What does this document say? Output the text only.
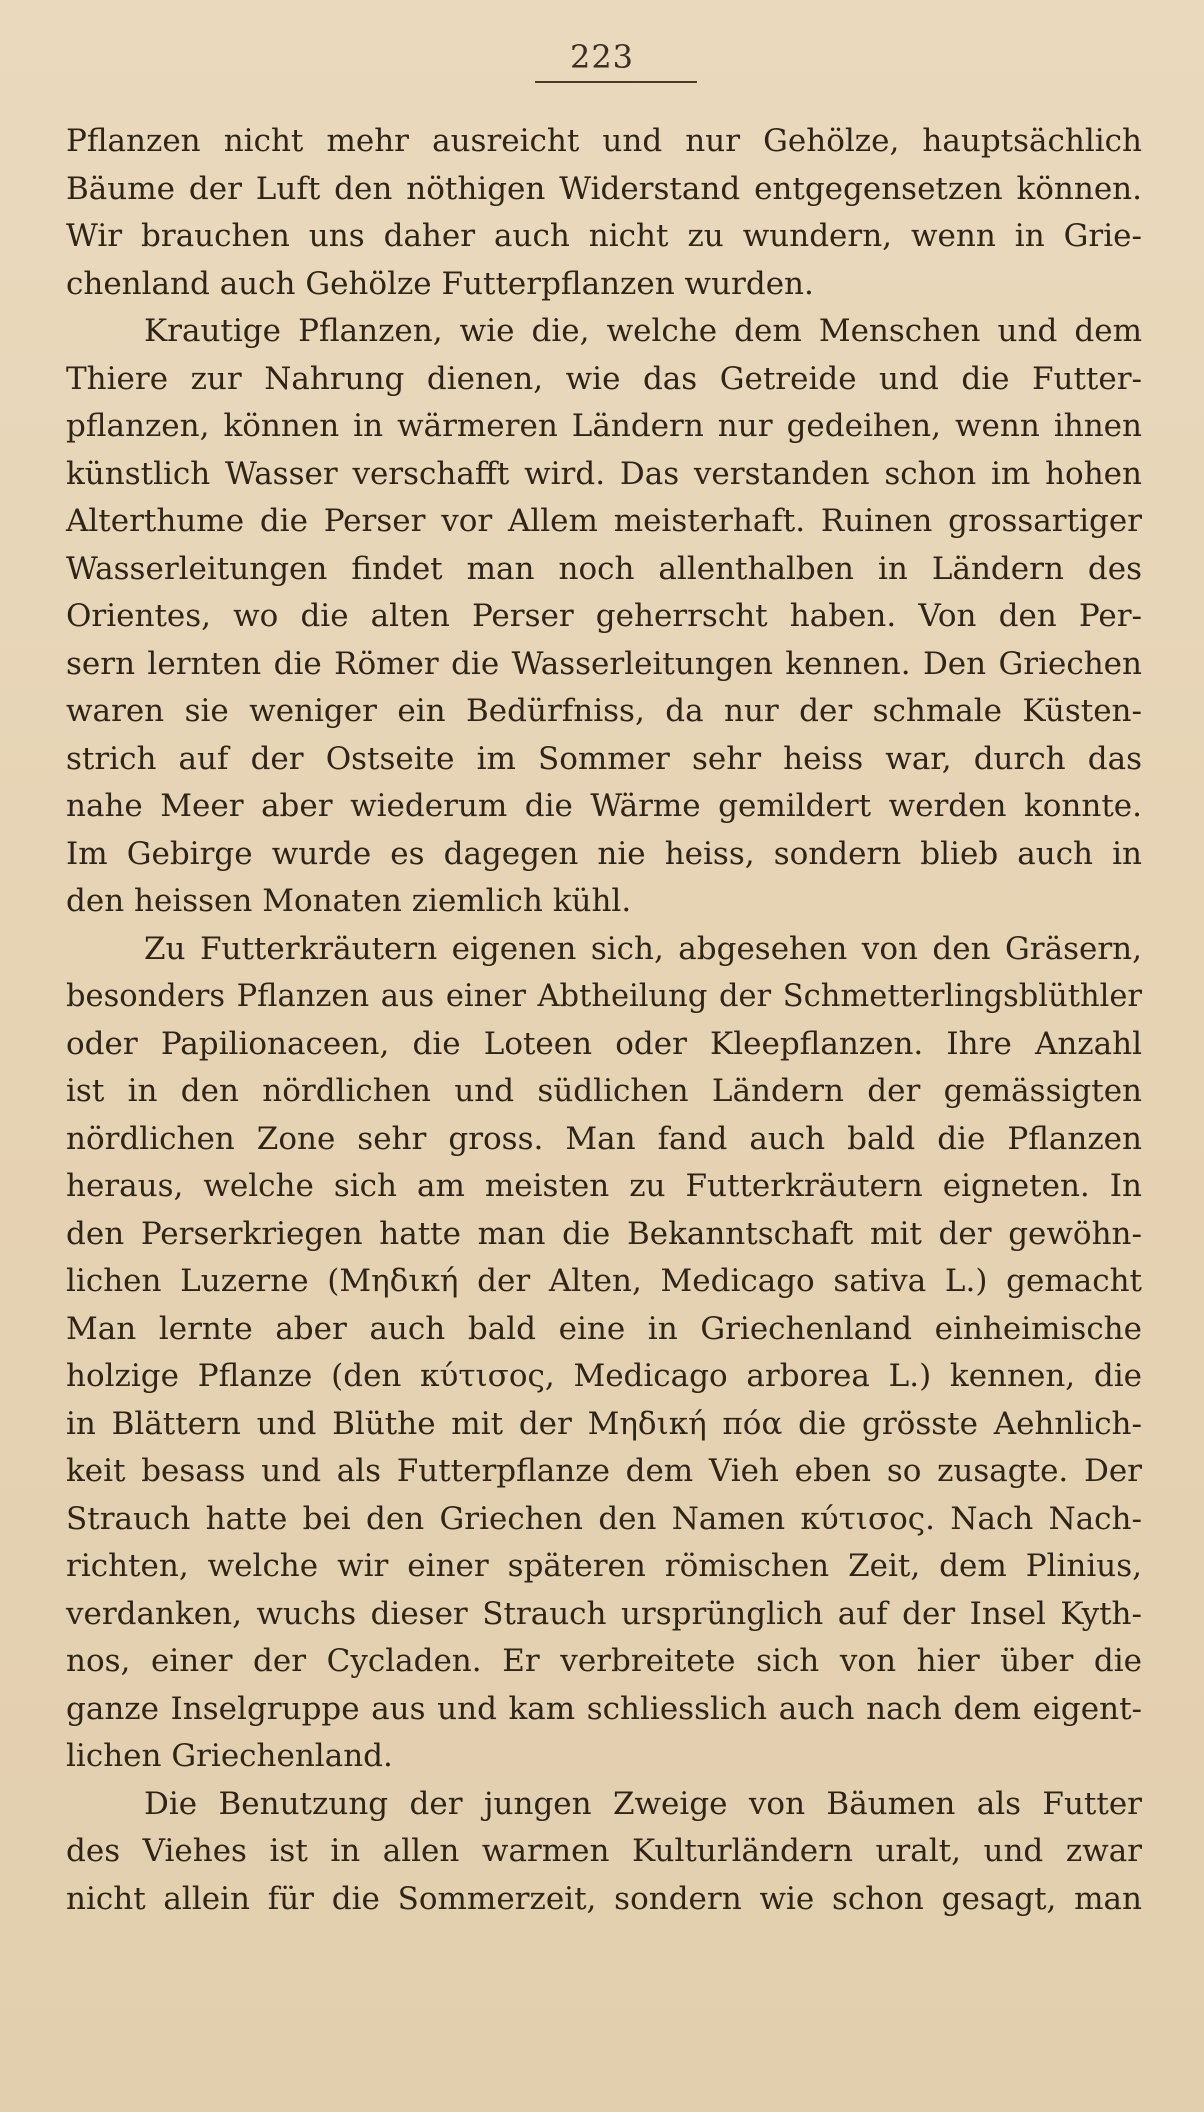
223
Pflanzen nicht mehr ausreicht und nur Gehölze, hauptsächlich
Bäume der Luft den nöthigen Widerstand entgegensetzen können.
Wir brauchen uns daher auch nicht zu wundern, wenn in Grie-
chenland auch Gehölze Futterpflanzen wurden.
Krautige Pflanzen, wie die, welche dem Menschen und dem
Thiere zur Nahrung dienen, wie das Getreide und die Futter-
pflanzen, können in wärmeren Ländern nur gedeihen, wenn ihnen
künstlich Wasser verschafft wird. Das verstanden schon im hohen
Alterthume die Perser vor Allem meisterhaft. Ruinen grossartiger
Wasserleitungen findet man noch allenthalben in Ländern des
Orientes, wo die alten Perser geherrscht haben. Von den Per-
sern lernten die Römer die Wasserleitungen kennen. Den Griechen
waren sie weniger ein Bedürfniss, da nur der schmale Küsten-
strich auf der Ostseite im Sommer sehr heiss war, durch das
nahe Meer aber wiederum die Wärme gemildert werden konnte.
Im Gebirge wurde es dagegen nie heiss, sondern blieb auch in
den heissen Monaten ziemlich kühl.
Zu Futterkräutern eigenen sich, abgesehen von den Gräsern,
besonders Pflanzen aus einer Abtheilung der Schmetterlingsblüthler
oder Papilionaceen, die Loteen oder Kleepflanzen. Ihre Anzahl
ist in den nördlichen und südlichen Ländern der gemässigten
nördlichen Zone sehr gross. Man fand auch bald die Pflanzen
heraus, welche sich am meisten zu Futterkräutern eigneten. In
den Perserkriegen hatte man die Bekanntschaft mit der gewöhn-
lichen Luzerne (Μηδική der Alten, Medicago sativa L.) gemacht
Man lernte aber auch bald eine in Griechenland einheimische
holzige Pflanze (den κύτισος, Medicago arborea L.) kennen, die
in Blättern und Blüthe mit der Μηδική πόα die grösste Aehnlich-
keit besass und als Futterpflanze dem Vieh eben so zusagte. Der
Strauch hatte bei den Griechen den Namen κύτισος. Nach Nach-
richten, welche wir einer späteren römischen Zeit, dem Plinius,
verdanken, wuchs dieser Strauch ursprünglich auf der Insel Kyth-
nos, einer der Cycladen. Er verbreitete sich von hier über die
ganze Inselgruppe aus und kam schliesslich auch nach dem eigent-
lichen Griechenland.
Die Benutzung der jungen Zweige von Bäumen als Futter
des Viehes ist in allen warmen Kulturländern uralt, und zwar
nicht allein für die Sommerzeit, sondern wie schon gesagt, man
